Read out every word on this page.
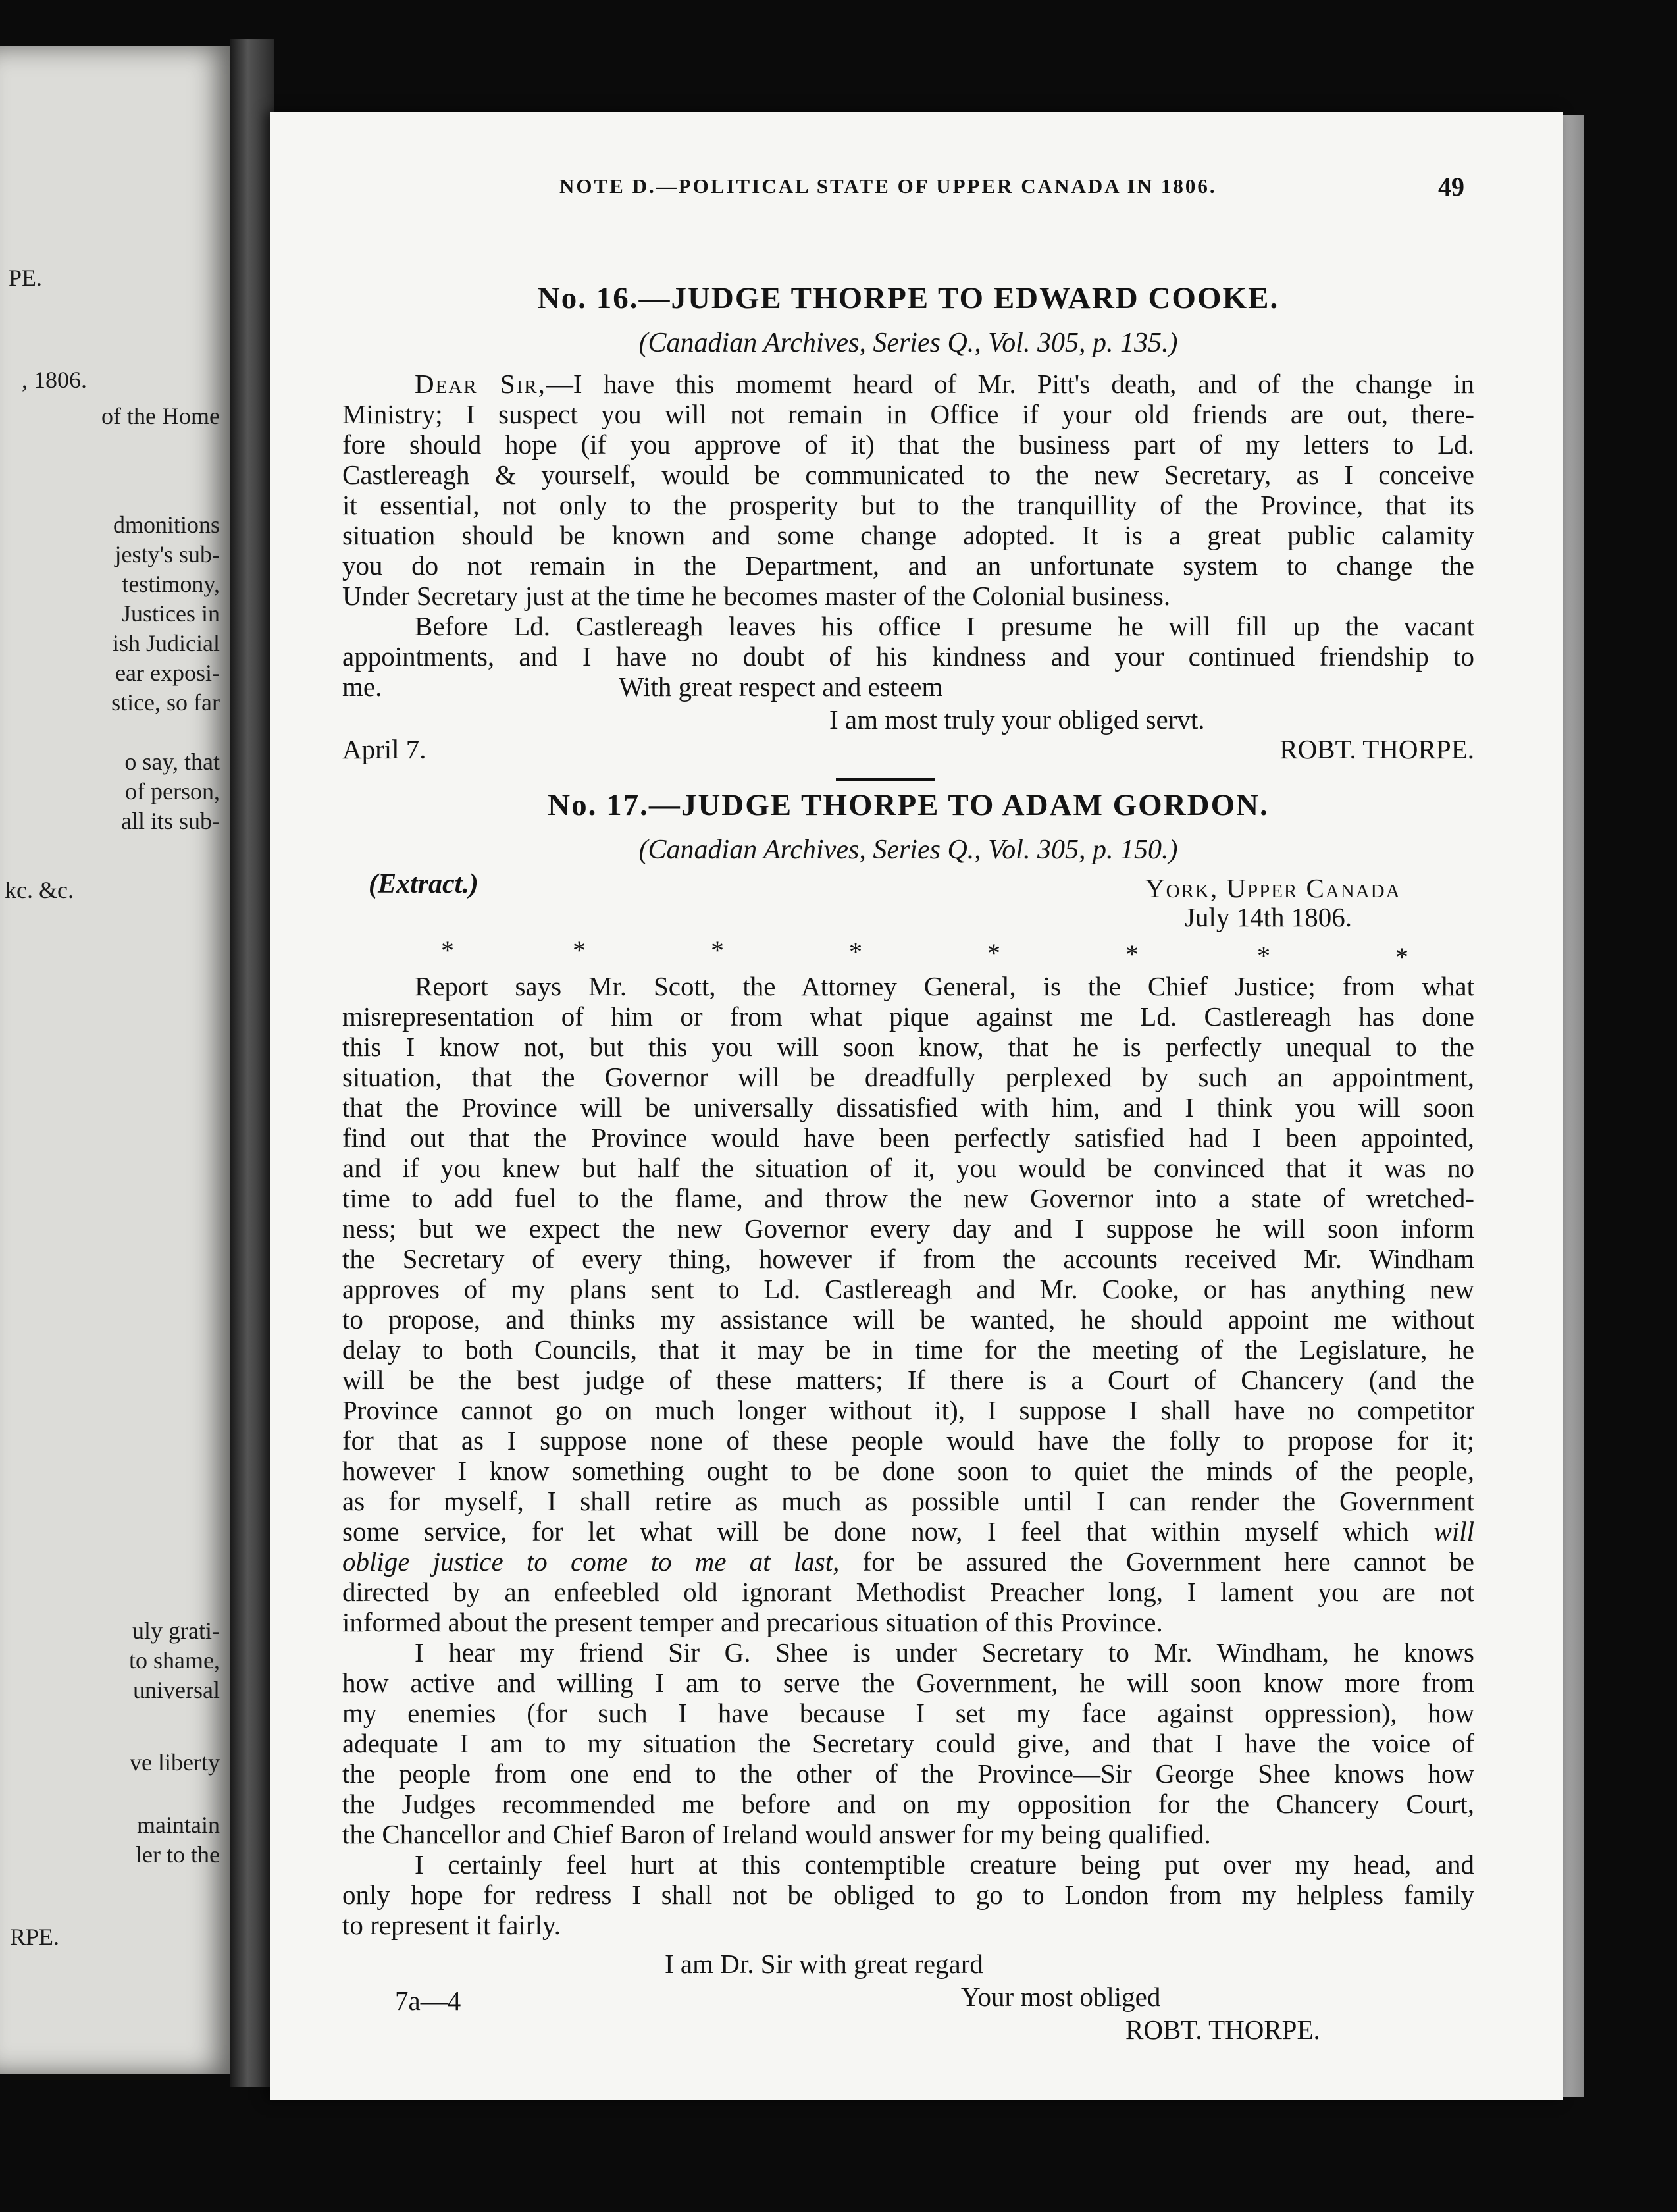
PE.
, 1806.
of the Home
dmonitions
jesty's sub-
testimony,
Justices in
ish Judicial
ear exposi-
stice, so far
o say, that
of person,
all its sub-
kc. &c.
uly grati-
to shame,
universal
ve liberty
maintain
ler to the
RPE.
NOTE D.—POLITICAL STATE OF UPPER CANADA IN 1806.	49
No. 16.—JUDGE THORPE TO EDWARD COOKE.
(Canadian Archives, Series Q., Vol. 305, p. 135.)
Dear Sir,—I have this momemt heard of Mr. Pitt's death, and of the change in
Ministry; I suspect you will not remain in Office if your old friends are out, there-
fore should hope (if you approve of it) that the business part of my letters to Ld.
Castlereagh & yourself, would be communicated to the new Secretary, as I conceive
it essential, not only to the prosperity but to the tranquillity of the Province, that its
situation should be known and some change adopted. It is a great public calamity
you do not remain in the Department, and an unfortunate system to change the
Under Secretary just at the time he becomes master of the Colonial business.
Before Ld. Castlereagh leaves his office I presume he will fill up the vacant
appointments, and I have no doubt of his kindness and your continued friendship to
me.	With great respect and esteem
I am most truly your obliged servt.
April 7.	ROBT. THORPE.
No. 17.—JUDGE THORPE TO ADAM GORDON.
(Canadian Archives, Series Q., Vol. 305, p. 150.)
(Extract.)	York, Upper Canada
July 14th 1806.
*	*	*	*	*	*	*	*
Report says Mr. Scott, the Attorney General, is the Chief Justice; from what
misrepresentation of him or from what pique against me Ld. Castlereagh has done
this I know not, but this you will soon know, that he is perfectly unequal to the
situation, that the Governor will be dreadfully perplexed by such an appointment,
that the Province will be universally dissatisfied with him, and I think you will soon
find out that the Province would have been perfectly satisfied had I been appointed,
and if you knew but half the situation of it, you would be convinced that it was no
time to add fuel to the flame, and throw the new Governor into a state of wretched-
ness; but we expect the new Governor every day and I suppose he will soon inform
the Secretary of every thing, however if from the accounts received Mr. Windham
approves of my plans sent to Ld. Castlereagh and Mr. Cooke, or has anything new
to propose, and thinks my assistance will be wanted, he should appoint me without
delay to both Councils, that it may be in time for the meeting of the Legislature, he
will be the best judge of these matters; If there is a Court of Chancery (and the
Province cannot go on much longer without it), I suppose I shall have no competitor
for that as I suppose none of these people would have the folly to propose for it;
however I know something ought to be done soon to quiet the minds of the people,
as for myself, I shall retire as much as possible until I can render the Government
some service, for let what will be done now, I feel that within myself which will
oblige justice to come to me at last, for be assured the Government here cannot be
directed by an enfeebled old ignorant Methodist Preacher long, I lament you are not
informed about the present temper and precarious situation of this Province.
I hear my friend Sir G. Shee is under Secretary to Mr. Windham, he knows
how active and willing I am to serve the Government, he will soon know more from
my enemies (for such I have because I set my face against oppression), how
adequate I am to my situation the Secretary could give, and that I have the voice of
the people from one end to the other of the Province—Sir George Shee knows how
the Judges recommended me before and on my opposition for the Chancery Court,
the Chancellor and Chief Baron of Ireland would answer for my being qualified.
I certainly feel hurt at this contemptible creature being put over my head, and
only hope for redress I shall not be obliged to go to London from my helpless family
to represent it fairly.
I am Dr. Sir with great regard
Your most obliged
ROBT. THORPE.
7a—4
